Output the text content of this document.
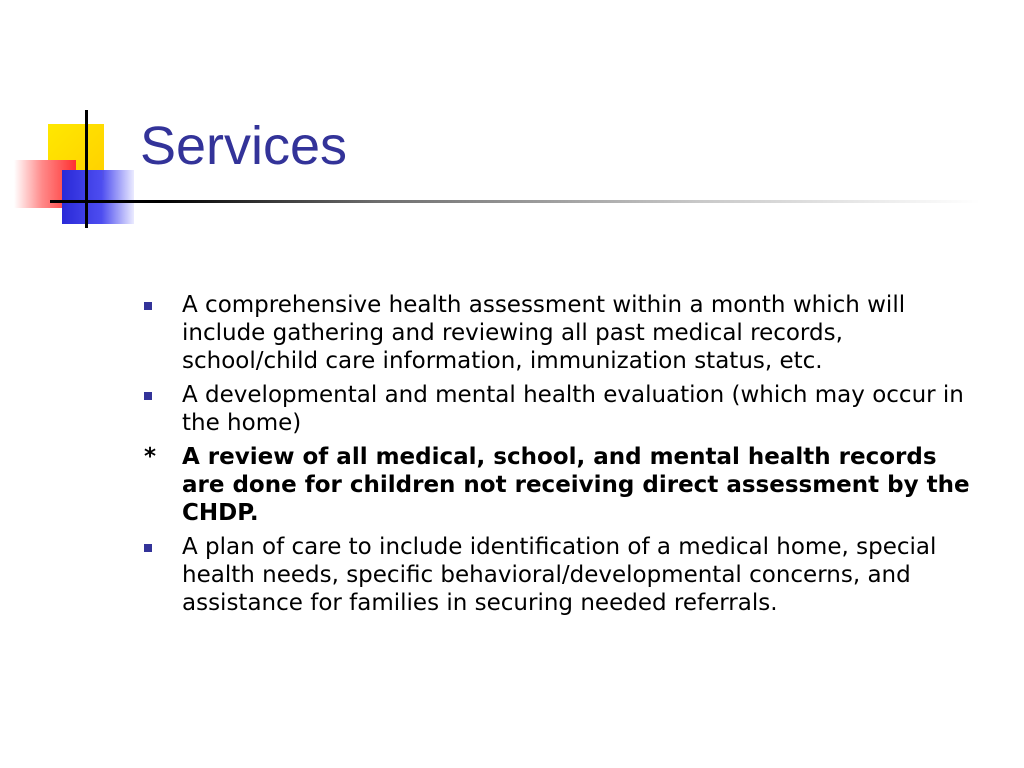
Services
A comprehensive health assessment within a month which will include gathering and reviewing all past medical records, school/child care information, immunization status, etc.
A developmental and mental health evaluation (which may occur in the home)
* A review of all medical, school, and mental health records are done for children not receiving direct assessment by the CHDP.
A plan of care to include identification of a medical home, special health needs, specific behavioral/developmental concerns, and assistance for families in securing needed referrals.
